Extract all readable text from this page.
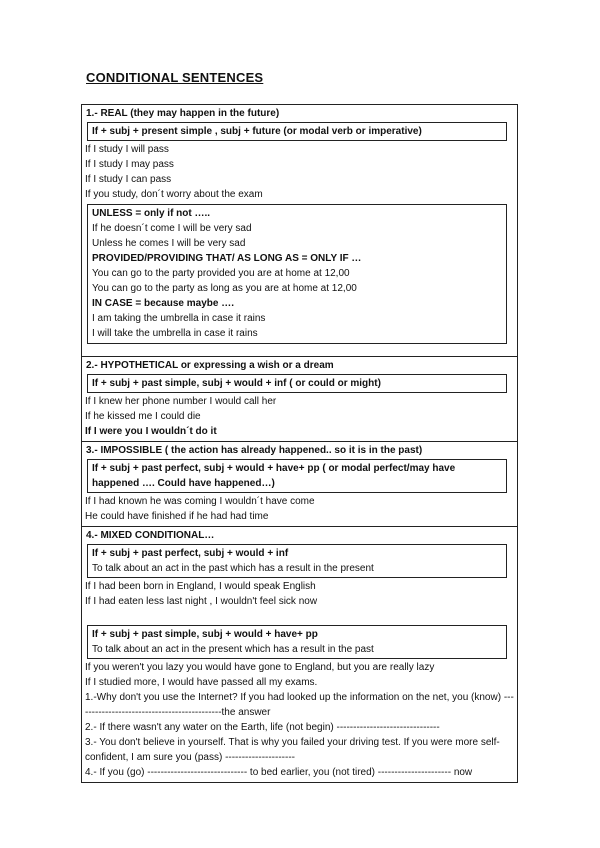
CONDITIONAL SENTENCES
1.- REAL (they may happen in the future)
If + subj + present simple , subj + future (or modal verb or imperative)
If I study I will pass
If I study I may pass
If I study I can pass
If you study, don´t worry about the exam
UNLESS = only if not …..
If he doesn´t come I will be very sad
Unless he comes I will be very sad
PROVIDED/PROVIDING THAT/ AS LONG AS = ONLY IF …
You can go to the party provided you are at home at 12,00
You can go to the party as long as you are at home at 12,00
IN CASE = because maybe ….
I am taking the umbrella in case it rains
I will take the umbrella in case it rains
2.- HYPOTHETICAL or expressing a wish or a dream
If + subj + past simple, subj + would + inf ( or could or might)
If I knew her phone number I would call her
If he kissed me I could die
If I were you I wouldn´t do it
3.- IMPOSSIBLE ( the action has already happened.. so it is in the past)
If + subj + past perfect, subj + would + have+ pp ( or modal perfect/may have happened …. Could have happened…)
If I had known he was coming I wouldn´t have come
He could have finished if he had had time
4.- MIXED CONDITIONAL…
If + subj + past perfect, subj + would + inf
To talk about an act in the past which has a result in the present
If I had been born in England, I would speak English
If I had eaten less last night , I wouldn't feel sick now
If + subj + past simple, subj + would + have+ pp
To talk about an act in the present which has a result in the past
If you weren't you lazy you would have gone to England, but you are really lazy
If I studied more, I would have passed all my exams.
1.-Why don't you use the Internet? If you had looked up the information on the net, you (know) --------------------------------------------the answer
2.- If there wasn't any water on the Earth, life (not begin) -------------------------------
3.- You don't believe in yourself. That is why you failed your driving test. If you were more self-confident, I am sure you (pass) ---------------------
4.- If you (go) ------------------------------ to bed earlier, you (not tired) ---------------------- now
